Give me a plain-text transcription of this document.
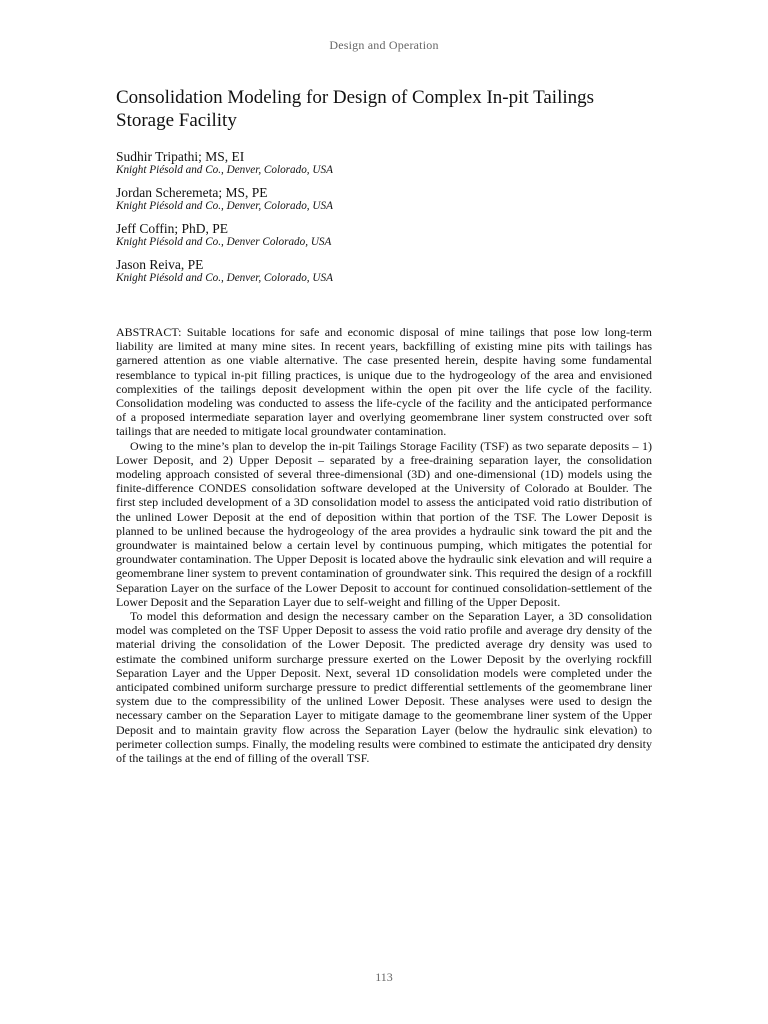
Design and Operation
Consolidation Modeling for Design of Complex In-pit Tailings Storage Facility
Sudhir Tripathi; MS, EI
Knight Piésold and Co., Denver, Colorado, USA
Jordan Scheremeta; MS, PE
Knight Piésold and Co., Denver, Colorado, USA
Jeff Coffin; PhD, PE
Knight Piésold and Co., Denver Colorado, USA
Jason Reiva, PE
Knight Piésold and Co., Denver, Colorado, USA

ABSTRACT: Suitable locations for safe and economic disposal of mine tailings that pose low long-term liability are limited at many mine sites. In recent years, backfilling of existing mine pits with tailings has garnered attention as one viable alternative. The case presented herein, despite having some fundamental resemblance to typical in-pit filling practices, is unique due to the hydrogeology of the area and envisioned complexities of the tailings deposit development within the open pit over the life cycle of the facility. Consolidation modeling was conducted to assess the life-cycle of the facility and the anticipated performance of a proposed intermediate separation layer and overlying geomembrane liner system constructed over soft tailings that are needed to mitigate local groundwater contamination.

Owing to the mine’s plan to develop the in-pit Tailings Storage Facility (TSF) as two separate deposits – 1) Lower Deposit, and 2) Upper Deposit – separated by a free-draining separation layer, the consolidation modeling approach consisted of several three-dimensional (3D) and one-dimensional (1D) models using the finite-difference CONDES consolidation software developed at the University of Colorado at Boulder. The first step included development of a 3D consolidation model to assess the anticipated void ratio distribution of the unlined Lower Deposit at the end of deposition within that portion of the TSF. The Lower Deposit is planned to be unlined because the hydrogeology of the area provides a hydraulic sink toward the pit and the groundwater is maintained below a certain level by continuous pumping, which mitigates the potential for groundwater contamination. The Upper Deposit is located above the hydraulic sink elevation and will require a geomembrane liner system to prevent contamination of groundwater sink. This required the design of a rockfill Separation Layer on the surface of the Lower Deposit to account for continued consolidation-settlement of the Lower Deposit and the Separation Layer due to self-weight and filling of the Upper Deposit.

To model this deformation and design the necessary camber on the Separation Layer, a 3D consolidation model was completed on the TSF Upper Deposit to assess the void ratio profile and average dry density of the material driving the consolidation of the Lower Deposit. The predicted average dry density was used to estimate the combined uniform surcharge pressure exerted on the Lower Deposit by the overlying rockfill Separation Layer and the Upper Deposit. Next, several 1D consolidation models were completed under the anticipated combined uniform surcharge pressure to predict differential settlements of the geomembrane liner system due to the compressibility of the unlined Lower Deposit. These analyses were used to design the necessary camber on the Separation Layer to mitigate damage to the geomembrane liner system of the Upper Deposit and to maintain gravity flow across the Separation Layer (below the hydraulic sink elevation) to perimeter collection sumps. Finally, the modeling results were combined to estimate the anticipated dry density of the tailings at the end of filling of the overall TSF.

113
